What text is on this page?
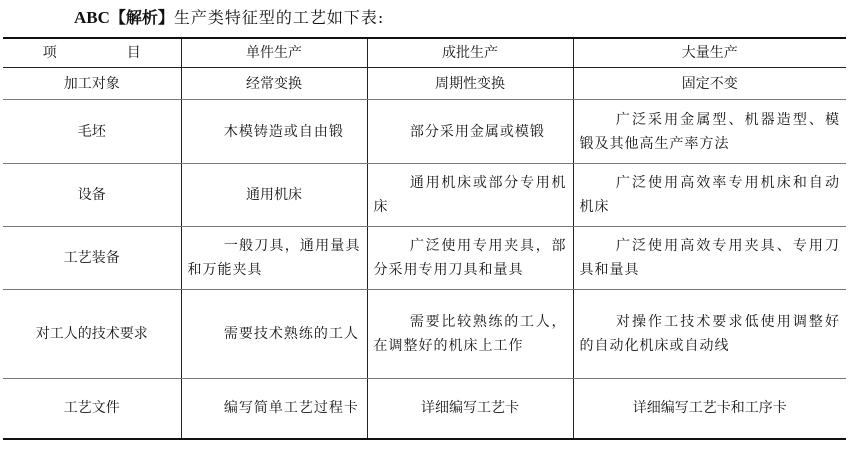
ABC【解析】生产类特征型的工艺如下表:
项　目	单件生产	成批生产	大量生产
加工对象	经常变换	周期性变换	固定不变
毛坯	木模铸造或自由锻	部分采用金属或模锻	广泛采用金属型、机器造型、模锻及其他高生产率方法

设备	通用机床	通用机床或部分专用机床	广泛使用高效率专用机床和自动机床

工艺装备	一般刀具，通用量具和万能夹具	广泛使用专用夹具，部分采用专用刀具和量具	广泛使用高效专用夹具、专用刀具和量具

对工人的技术要求	需要技术熟练的工人	需要比较熟练的工人，在调整好的机床上工作	对操作工技术要求低使用调整好的自动化机床或自动线

工艺文件	编写简单工艺过程卡	详细编写工艺卡	详细编写工艺卡和工序卡
